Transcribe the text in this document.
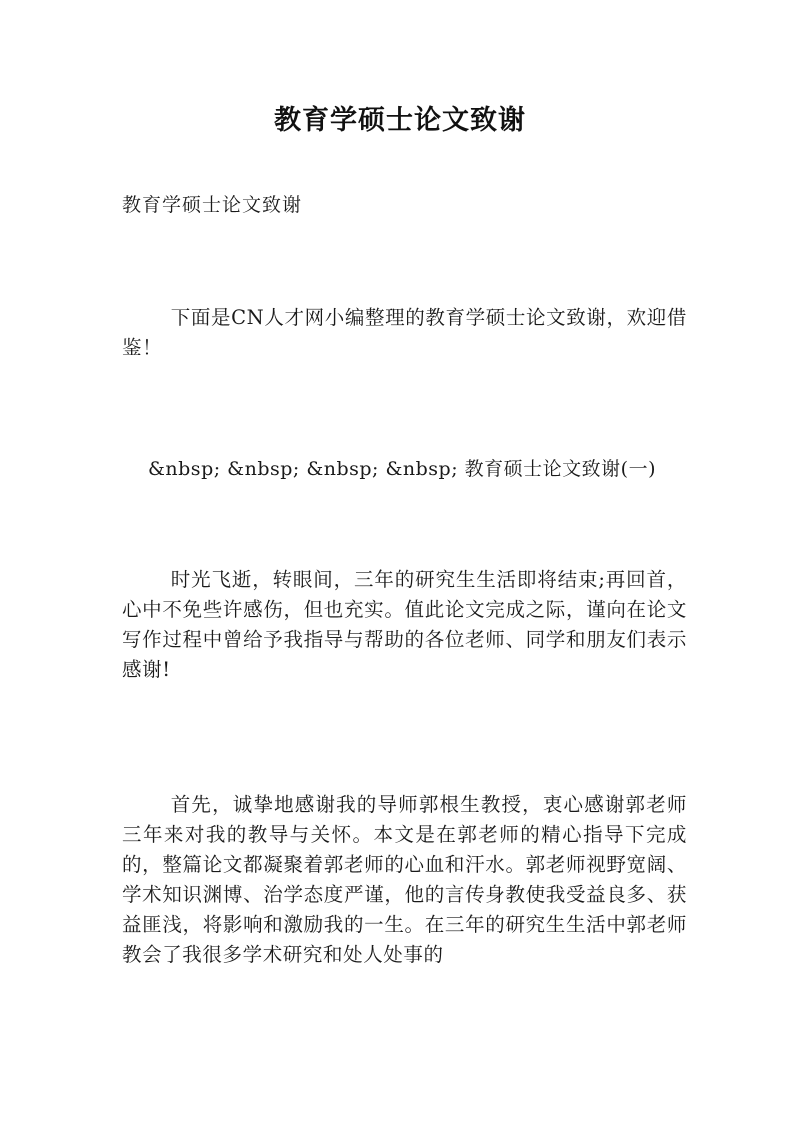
教育学硕士论文致谢
教育学硕士论文致谢

下面是CN人才网小编整理的教育学硕士论文致谢，欢迎借鉴！

&nbsp; &nbsp; &nbsp; &nbsp; 教育硕士论文致谢(一)

时光飞逝，转眼间，三年的研究生生活即将结束;再回首，心中不免些许感伤，但也充实。值此论文完成之际，谨向在论文写作过程中曾给予我指导与帮助的各位老师、同学和朋友们表示感谢!

首先，诚挚地感谢我的导师郭根生教授，衷心感谢郭老师三年来对我的教导与关怀。本文是在郭老师的精心指导下完成的，整篇论文都凝聚着郭老师的心血和汗水。郭老师视野宽阔、学术知识渊博、治学态度严谨，他的言传身教使我受益良多、获益匪浅，将影响和激励我的一生。在三年的研究生生活中郭老师教会了我很多学术研究和处人处事的
